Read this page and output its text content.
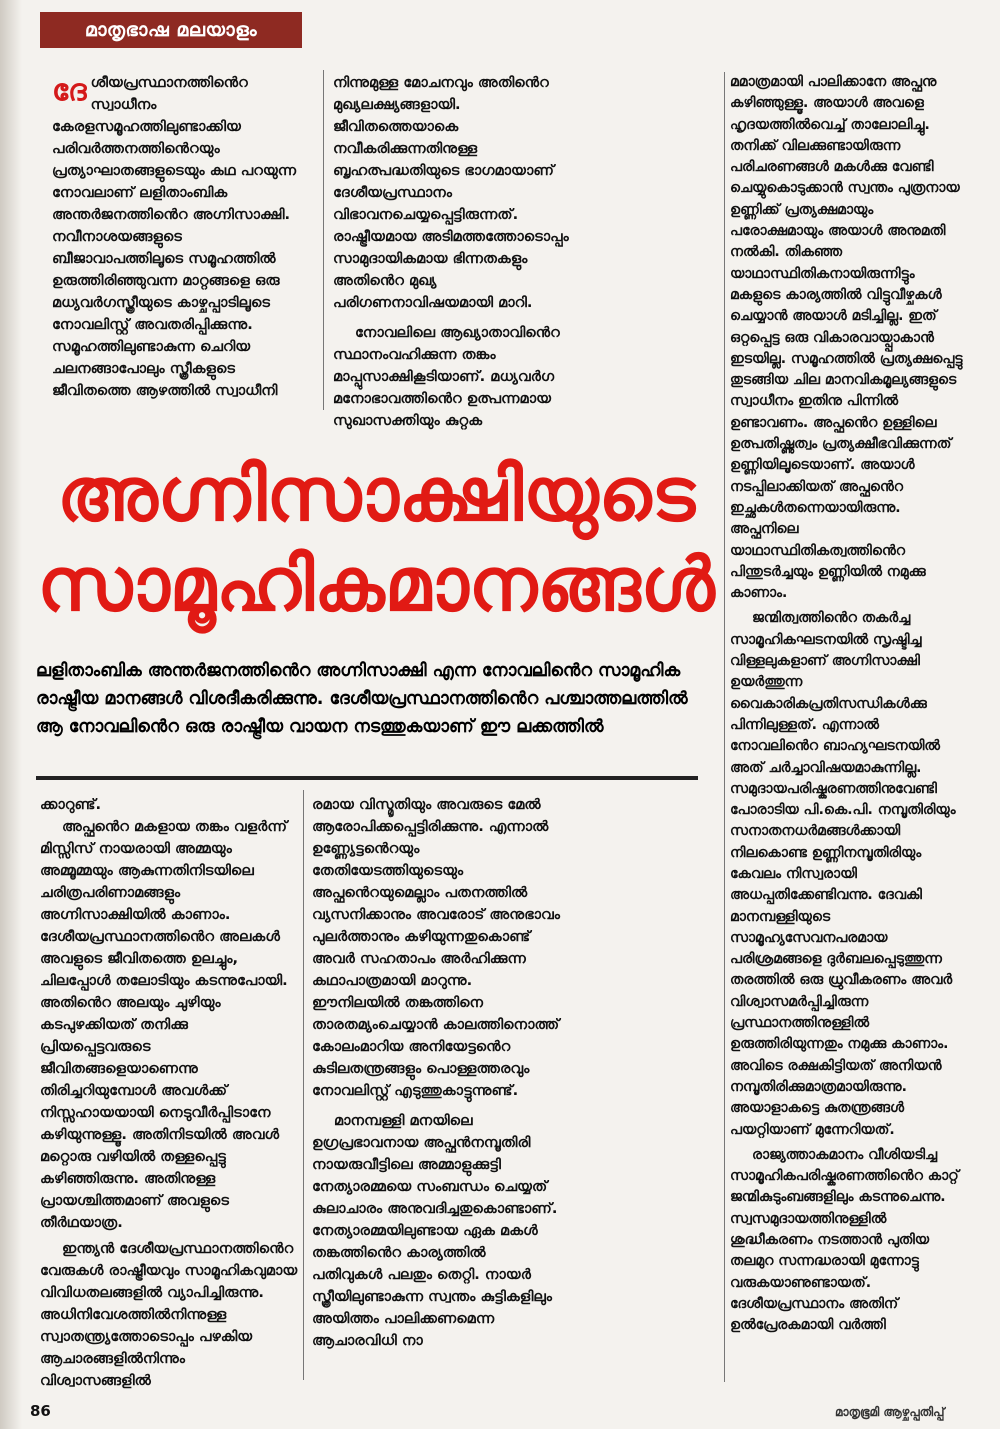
മാതൃഭാഷ മലയാളം
ദേ ശീയപ്രസ്ഥാനത്തിൻെറ സ്വാധീനം കേരളസമൂഹത്തിലുണ്ടാക്കിയ പരിവർത്തനത്തിൻെറയും പ്രത്യാഘാതങ്ങളുടെയും കഥ പറയുന്ന നോവലാണ് ലളിതാംബിക അന്തർജനത്തിൻെറ അഗ്നിസാക്ഷി. നവീനാശയങ്ങളുടെ ബീജാവാപത്തിലൂടെ സമൂഹത്തിൽ ഉരുത്തിരിഞ്ഞുവന്ന മാറ്റങ്ങളെ ഒരു മധ്യവർഗസ്ത്രീയുടെ കാഴ്ചപ്പാടിലൂടെ നോവലിസ്റ്റ് അവതരിപ്പിക്കുന്നു. സമൂഹത്തിലുണ്ടാകുന്ന ചെറിയ ചലനങ്ങാപോലും സ്ത്രീകളുടെ ജീവിതത്തെ ആഴത്തിൽ സ്വാധീനി

നിന്നുമുള്ള മോചനവും അതിൻെറ മുഖ്യലക്ഷ്യങ്ങളായി. ജീവിതത്തെയാകെ നവീകരിക്കുന്നതിനുള്ള ബൃഹത്പദ്ധതിയുടെ ഭാഗമായാണ് ദേശീയപ്രസ്ഥാനം വിഭാവനചെയ്യപ്പെട്ടിരുന്നത്. രാഷ്ട്രീയമായ അടിമത്തത്തോടൊപ്പം സാമുദായികമായ ഭിന്നതകളും അതിൻെറ മുഖ്യ പരിഗണനാവിഷയമായി മാറി.

നോവലിലെ ആഖ്യാതാവിൻെറ സ്ഥാനംവഹിക്കുന്ന തങ്കം മാപ്പുസാക്ഷികൂടിയാണ്. മധ്യവർഗ മനോഭാവത്തിൻെറ ഉത്പന്നമായ സുഖാസക്തിയും കുറ്റക

അഗ്നിസാക്ഷിയുടെ
സാമൂഹികമാനങ്ങൾ
ലളിതാംബിക അന്തർജനത്തിൻെറ അഗ്നിസാക്ഷി എന്ന നോവലിൻെറ സാമൂഹിക രാഷ്ട്രീയ മാനങ്ങൾ വിശദീകരിക്കുന്നു. ദേശീയപ്രസ്ഥാനത്തിൻെറ പശ്ചാത്തലത്തിൽ ആ നോവലിൻെറ ഒരു രാഷ്ട്രീയ വായന നടത്തുകയാണ് ഈ ലക്കത്തിൽ

ക്കാറുണ്ട്.

അപ്ഫൻെറ മകളായ തങ്കം വളർന്ന് മിസ്സിസ് നായരായി അമ്മയും അമ്മൂമ്മയും ആകുന്നതിനിടയിലെ ചരിത്രപരിണാമങ്ങളും അഗ്നിസാക്ഷിയിൽ കാണാം. ദേശീയപ്രസ്ഥാനത്തിൻെറ അലകൾ അവളുടെ ജീവിതത്തെ ഉലച്ചും, ചിലപ്പോൾ തലോടിയും കടന്നുപോയി. അതിൻെറ അലയും ചുഴിയും കടപുഴക്കിയത് തനിക്കു പ്രിയപ്പെട്ടവരുടെ ജീവിതങ്ങളെയാണെന്നു തിരിച്ചറിയുമ്പോൾ അവൾക്ക് നിസ്സഹായയായി നെടുവീർപ്പിടാനേ കഴിയുന്നുള്ളൂ. അതിനിടയിൽ അവൾ മറ്റൊരു വഴിയിൽ തള്ളപ്പെട്ടു കഴിഞ്ഞിരുന്നു. അതിനുള്ള പ്രായശ്ചിത്തമാണ് അവളുടെ തീർഥയാത്ര.

ഇന്ത്യൻ ദേശീയപ്രസ്ഥാനത്തിൻെറ വേരുകൾ രാഷ്ട്രീയവും സാമൂഹികവുമായ വിവിധതലങ്ങളിൽ വ്യാപിച്ചിരുന്നു. അധിനിവേശത്തിൽനിന്നുള്ള സ്വാതന്ത്ര്യത്തോടൊപ്പം പഴകിയ ആചാരങ്ങളിൽനിന്നും വിശ്വാസങ്ങളിൽ

രമായ വിസ്മൃതിയും അവരുടെ മേൽ ആരോപിക്കപ്പെട്ടിരിക്കുന്നു. എന്നാൽ ഉണ്ണ്യേട്ടൻെറയും തേതിയേടത്തിയുടെയും അപ്ഫൻെറയുമെല്ലാം പതനത്തിൽ വ്യസനിക്കാനും അവരോട് അനുഭാവം പുലർത്താനും കഴിയുന്നതുകൊണ്ട് അവർ സഹതാപം അർഹിക്കുന്ന കഥാപാത്രമായി മാറുന്നു. ഈനിലയിൽ തങ്കത്തിനെ താരതമ്യംചെയ്യാൻ കാലത്തിനൊത്ത് കോലംമാറിയ അനിയേട്ടൻെറ കുടിലതന്ത്രങ്ങളും പൊള്ളത്തരവും നോവലിസ്റ്റ് എടുത്തുകാട്ടുന്നുണ്ട്.

മാനമ്പള്ളി മനയിലെ ഉഗ്രപ്രഭാവനായ അപ്ഫൻനമ്പൂതിരി നായരുവീട്ടിലെ അമ്മാളുക്കുട്ടി നേത്യാരമ്മയെ സംബന്ധം ചെയ്യത് കുലാചാരം അനുവദിച്ചതുകൊണ്ടാണ്. നേത്യാരമ്മയിലുണ്ടായ ഏക മകൾ തങ്കത്തിൻെറ കാര്യത്തിൽ പതിവുകൾ പലതും തെറ്റി. നായർ സ്ത്രീയിലുണ്ടാകുന്ന സ്വന്തം കുട്ടികളിലും അയിത്തം പാലിക്കണമെന്ന ആചാരവിധി നാ

മമാത്രമായി പാലിക്കാനേ അപ്ഫനു കഴിഞ്ഞുള്ളൂ. അയാൾ അവളെ ഹൃദയത്തിൽവെച്ച് താലോലിച്ചു. തനിക്ക് വിലക്കുണ്ടായിരുന്ന പരിചരണങ്ങൾ മകൾക്കു വേണ്ടി ചെയ്യുകൊടുക്കാൻ സ്വന്തം പുത്രനായ ഉണ്ണിക്ക് പ്രത്യക്ഷമായും പരോക്ഷമായും അയാൾ അനുമതി നൽകി. തികഞ്ഞ യാഥാസ്ഥിതികനായിരുന്നിട്ടും മകളുടെ കാര്യത്തിൽ വിട്ടുവീഴ്ചകൾ ചെയ്യാൻ അയാൾ മടിച്ചില്ല. ഇത് ഒറ്റപ്പെട്ട ഒരു വികാരവായ്പ്പാകാൻ ഇടയില്ല. സമൂഹത്തിൽ പ്രത്യക്ഷപ്പെട്ടു തുടങ്ങിയ ചില മാനവികമൂല്യങ്ങളുടെ സ്വാധീനം ഇതിനു പിന്നിൽ ഉണ്ടാവണം. അപ്ഫൻെറ ഉള്ളിലെ ഉത്പതിഷ്ണുത്വം പ്രത്യക്ഷീഭവിക്കുന്നത് ഉണ്ണിയിലൂടെയാണ്. അയാൾ നടപ്പിലാക്കിയത് അപ്ഫൻെറ ഇച്ഛകൾതന്നെയായിരുന്നു. അപ്ഫനിലെ യാഥാസ്ഥിതികത്വത്തിൻെറ പിന്തുടർച്ചയും ഉണ്ണിയിൽ നമുക്കു കാണാം.

ജന്മിത്വത്തിൻെറ തകർച്ച സാമൂഹികഘടനയിൽ സൃഷ്ടിച്ച വിള്ളലുകളാണ് അഗ്നിസാക്ഷി ഉയർത്തുന്ന വൈകാരികപ്രതിസന്ധികൾക്കു പിന്നിലുള്ളത്. എന്നാൽ നോവലിൻെറ ബാഹ്യഘടനയിൽ അത് ചർച്ചാവിഷയമാകുന്നില്ല. സമുദായപരിഷ്കരണത്തിനുവേണ്ടി പോരാടിയ പി.കെ.പി. നമ്പൂതിരിയും സനാതനധർമങ്ങൾക്കായി നിലകൊണ്ട ഉണ്ണിനമ്പൂതിരിയും കേവലം നിസ്വരായി അധപ്പതിക്കേണ്ടിവന്നു. ദേവകി മാനമ്പള്ളിയുടെ സാമൂഹ്യസേവനപരമായ പരിശ്രമങ്ങളെ ദുർബലപ്പെടുത്തുന്ന തരത്തിൽ ഒരു ധ്രുവീകരണം അവർ വിശ്വാസമർപ്പിച്ചിരുന്ന പ്രസ്ഥാനത്തിനുള്ളിൽ ഉരുത്തിരിയുന്നതും നമുക്കു കാണാം. അവിടെ രക്ഷകിട്ടിയത് അനിയൻ നമ്പൂതിരിക്കുമാത്രമായിരുന്നു. അയാളാകട്ടെ കുതന്ത്രങ്ങൾ പയറ്റിയാണ് മുന്നേറിയത്.

രാജ്യത്താകമാനം വീശിയടിച്ച സാമൂഹികപരിഷ്കരണത്തിൻെറ കാറ്റ് ജന്മികുടുംബങ്ങളിലും കടന്നുചെന്നു. സ്വസമുദായത്തിനുള്ളിൽ ശുദ്ധീകരണം നടത്താൻ പുതിയ തലമുറ സന്നദ്ധരായി മുന്നോട്ടു വരുകയാണുണ്ടായത്. ദേശീയപ്രസ്ഥാനം അതിന് ഉൽപ്രേരകമായി വർത്തി

86	മാതൃഭൂമി ആഴ്ചപ്പതിപ്പ്
